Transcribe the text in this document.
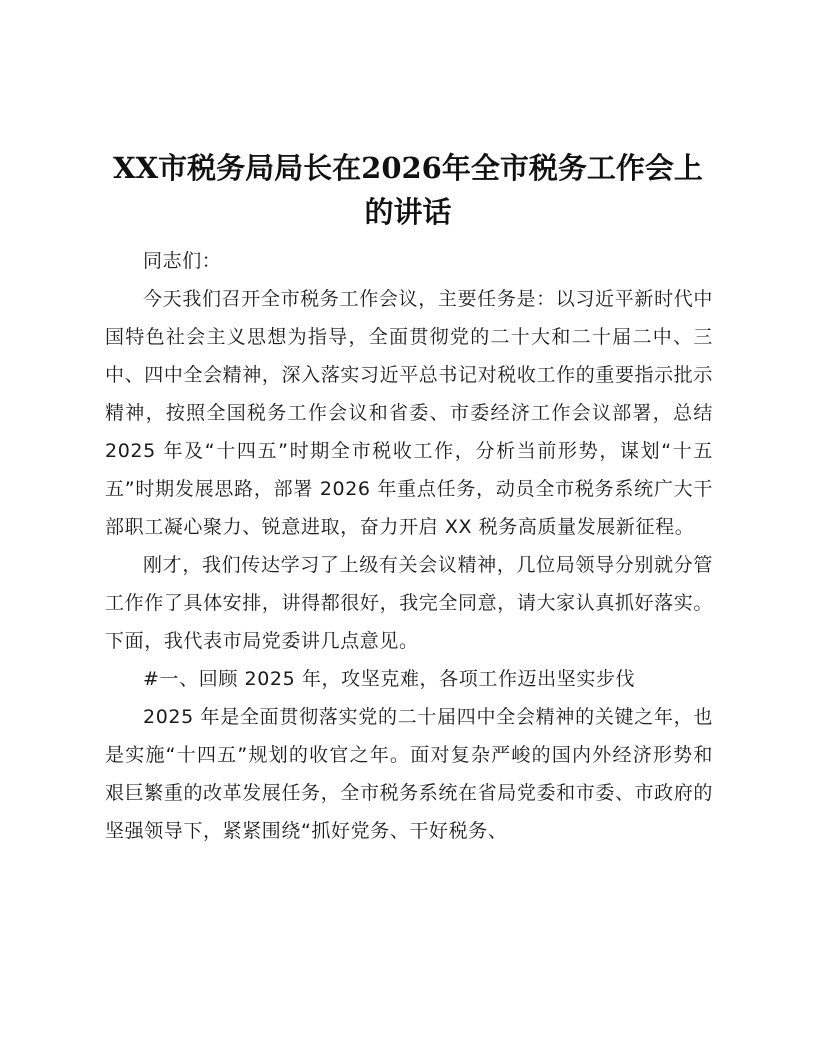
XX市税务局局长在2026年全市税务工作会上
的讲话

同志们：

今天我们召开全市税务工作会议，主要任务是：以习近平新时代中国特色社会主义思想为指导，全面贯彻党的二十大和二十届二中、三中、四中全会精神，深入落实习近平总书记对税收工作的重要指示批示精神，按照全国税务工作会议和省委、市委经济工作会议部署，总结 2025 年及“十四五”时期全市税收工作，分析当前形势，谋划“十五五”时期发展思路，部署 2026 年重点任务，动员全市税务系统广大干部职工凝心聚力、锐意进取，奋力开启 XX 税务高质量发展新征程。

刚才，我们传达学习了上级有关会议精神，几位局领导分别就分管工作作了具体安排，讲得都很好，我完全同意，请大家认真抓好落实。下面，我代表市局党委讲几点意见。

#一、回顾 2025 年，攻坚克难，各项工作迈出坚实步伐

2025 年是全面贯彻落实党的二十届四中全会精神的关键之年，也是实施“十四五”规划的收官之年。面对复杂严峻的国内外经济形势和艰巨繁重的改革发展任务，全市税务系统在省局党委和市委、市政府的坚强领导下，紧紧围绕“抓好党务、干好税务、
